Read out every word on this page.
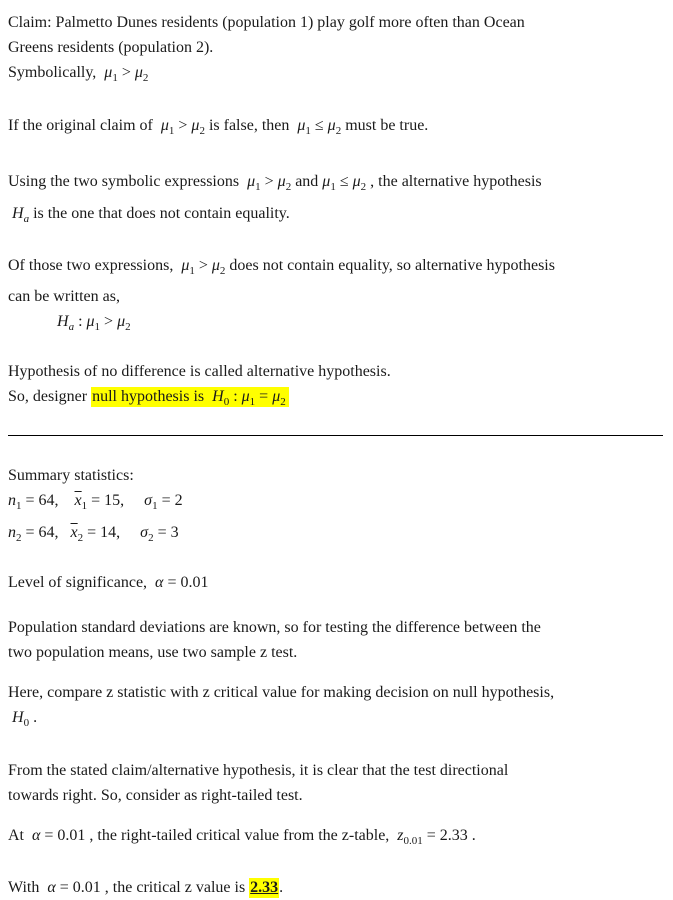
Claim: Palmetto Dunes residents (population 1) play golf more often than Ocean
Greens residents (population 2).
Symbolically,  $\mu_1 > \mu_2$

If the original claim of  $\mu_1 > \mu_2$ is false, then  $\mu_1 \le \mu_2$ must be true.

Using the two symbolic expressions  $\mu_1 > \mu_2$ and $\mu_1 \le \mu_2$ , the alternative hypothesis
$H_a$ is the one that does not contain equality.

Of those two expressions,  $\mu_1 > \mu_2$ does not contain equality, so alternative hypothesis
can be written as,
$H_a$ : $\mu_1 > \mu_2$

Hypothesis of no difference is called alternative hypothesis.
So, designer null hypothesis is  $H_0$ : $\mu_1 = \mu_2$

Summary statistics:
$n_1 = 64$,    $\overline{x}_1 = 15$,     $\sigma_1 = 2$
$n_2 = 64$,   $\overline{x}_2 = 14$,     $\sigma_2 = 3$

Level of significance,  α = 0.01

Population standard deviations are known, so for testing the difference between the
two population means, use two sample z test.

Here, compare z statistic with z critical value for making decision on null hypothesis,
$H_0$ .

From the stated claim/alternative hypothesis, it is clear that the test directional
towards right. So, consider as right-tailed test.

At  α = 0.01 , the right-tailed critical value from the z-table,  $z_{0.01} = 2.33$ .

With  α = 0.01 , the critical z value is 2.33.
